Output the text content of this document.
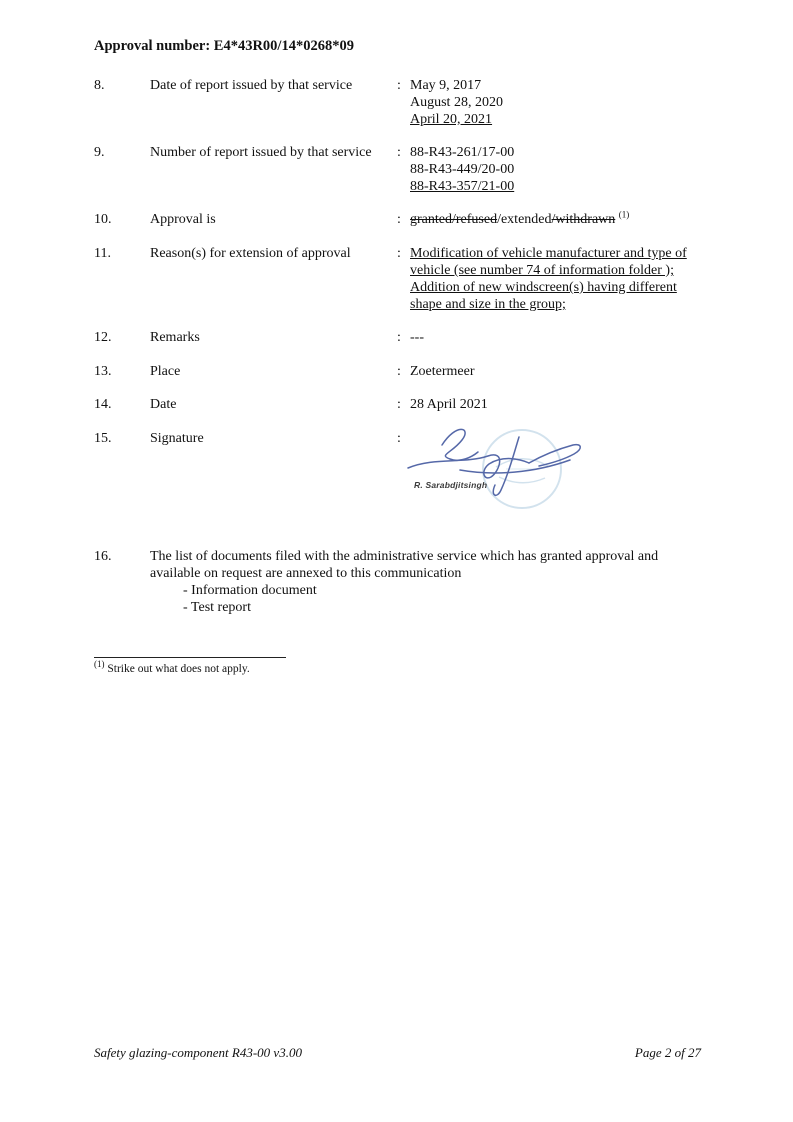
Approval number: E4*43R00/14*0268*09
8.	Date of report issued by that service	: May 9, 2017
August 28, 2020
April 20, 2021
9.	Number of report issued by that service	: 88-R43-261/17-00
88-R43-449/20-00
88-R43-357/21-00
10.	Approval is	: granted/refused/extended/withdrawn $^{(1)}$
11.	Reason(s) for extension of approval	: Modification of vehicle manufacturer and type of
vehicle (see number 74 of information folder );
Addition of new windscreen(s) having different
shape and size in the group;
12.	Remarks	: ---
13.	Place	: Zoetermeer
14.	Date	: 28 April 2021
15.	Signature	:
R. Sarabdjitsingh
16.	The list of documents filed with the administrative service which has granted approval and
available on request are annexed to this communication
- Information document
- Test report
$^{(1)}$ Strike out what does not apply.
Safety glazing-component R43-00 v3.00	Page 2 of 27
